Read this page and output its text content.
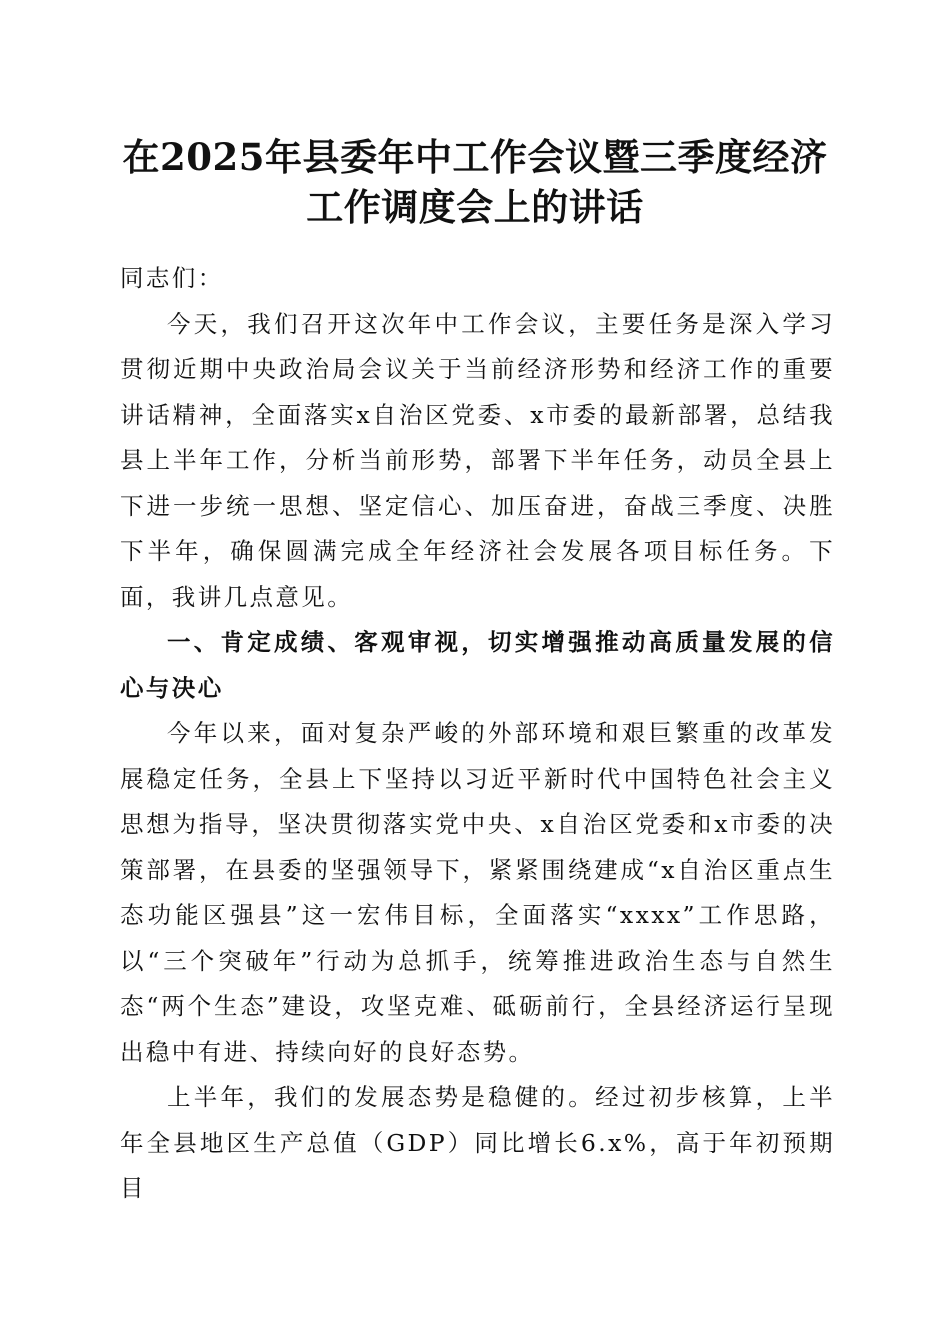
在2025年县委年中工作会议暨三季度经济工作调度会上的讲话

同志们：

今天，我们召开这次年中工作会议，主要任务是深入学习贯彻近期中央政治局会议关于当前经济形势和经济工作的重要讲话精神，全面落实x自治区党委、x市委的最新部署，总结我县上半年工作，分析当前形势，部署下半年任务，动员全县上下进一步统一思想、坚定信心、加压奋进，奋战三季度、决胜下半年，确保圆满完成全年经济社会发展各项目标任务。下面，我讲几点意见。

一、肯定成绩、客观审视，切实增强推动高质量发展的信心与决心

今年以来，面对复杂严峻的外部环境和艰巨繁重的改革发展稳定任务，全县上下坚持以习近平新时代中国特色社会主义思想为指导，坚决贯彻落实党中央、x自治区党委和x市委的决策部署，在县委的坚强领导下，紧紧围绕建成“x自治区重点生态功能区强县”这一宏伟目标，全面落实“xxxx”工作思路，以“三个突破年”行动为总抓手，统筹推进政治生态与自然生态“两个生态”建设，攻坚克难、砥砺前行，全县经济运行呈现出稳中有进、持续向好的良好态势。

上半年，我们的发展态势是稳健的。经过初步核算，上半年全县地区生产总值（GDP）同比增长6.x%，高于年初预期目
